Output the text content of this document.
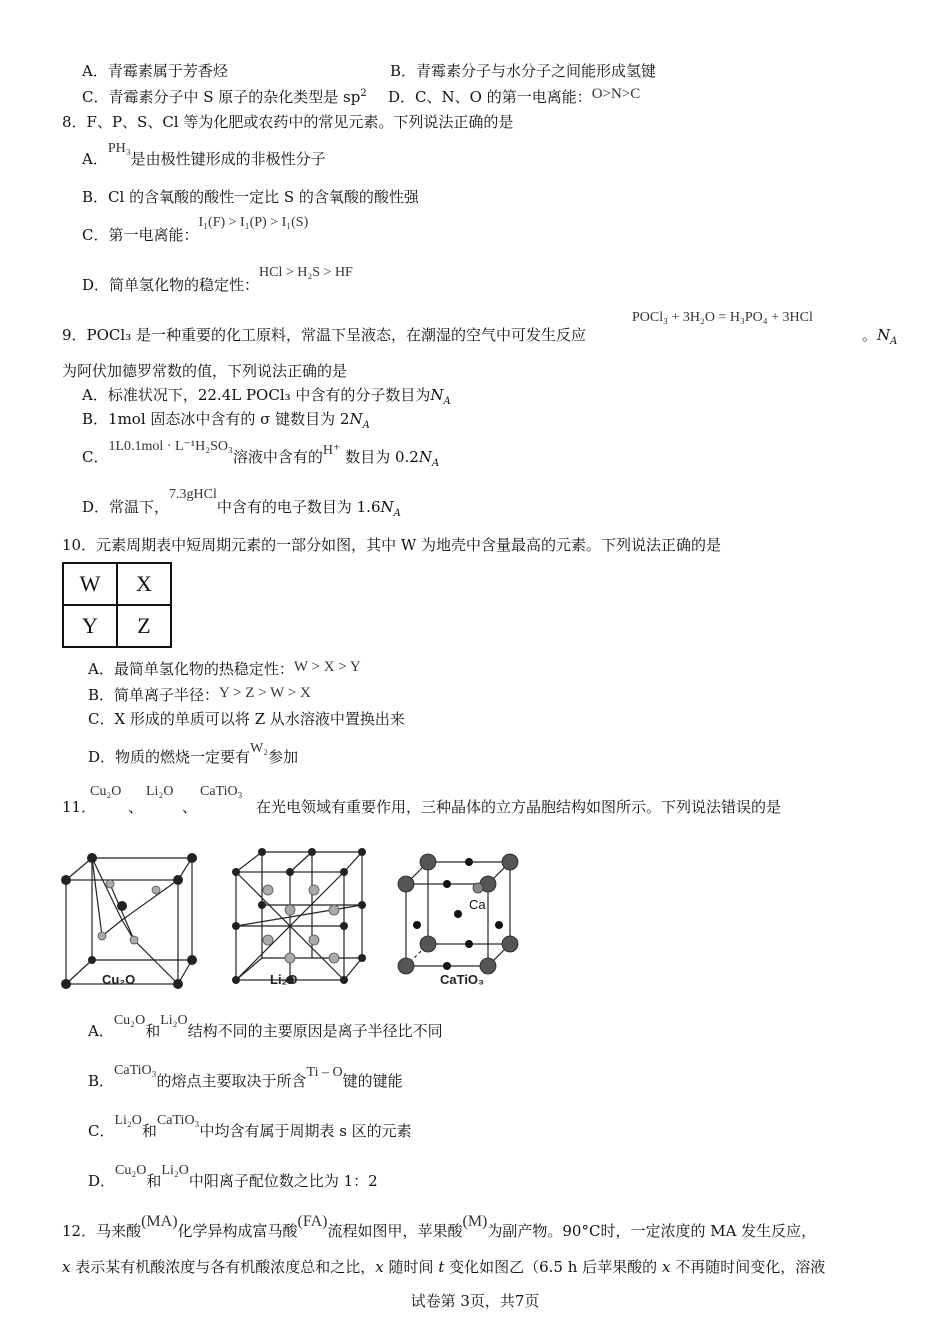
A．青霉素属于芳香烃	B．青霉素分子与水分子之间能形成氢键
C．青霉素分子中 S 原子的杂化类型是 $sp^2$ D．C、N、O 的第一电离能：O>N>C
8．F、P、S、Cl 等为化肥或农药中的常见元素。下列说法正确的是
A．PH₃是由极性键形成的非极性分子
B．Cl 的含氧酸的酸性一定比 S 的含氧酸的酸性强
C．第一电离能：I₁(F) > I₁(P) > I₁(S)
D．简单氢化物的稳定性：HCl > H₂S > HF
9．POCl₃ 是一种重要的化工原料，常温下呈液态，在潮湿的空气中可发生反应
POCl₃ + 3H₂O = H₃PO₄ + 3HCl
。$N_A$
为阿伏加德罗常数的值，下列说法正确的是
A．标准状况下，22.4L POCl₃ 中含有的分子数目为$N_A$
B．1mol 固态冰中含有的 σ 键数目为 $2N_A$
C．1L0.1mol · L⁻¹H₂SO₃溶液中含有的H⁺ 数目为 $0.2N_A$
D．常温下，7.3gHCl中含有的电子数目为 $1.6N_A$
10．元素周期表中短周期元素的一部分如图，其中 W 为地壳中含量最高的元素。下列说法正确的是
W	X
Y	Z
A．最简单氢化物的热稳定性：W > X > Y
B．简单离子半径：Y > Z > W > X
C．X 形成的单质可以将 Z 从水溶液中置换出来
D．物质的燃烧一定要有W₂参加
11．
Cu₂O
、
Li₂O
、
CaTiO₃
在光电领域有重要作用，三种晶体的立方晶胞结构如图所示。下列说法错误的是
Ca
Cu₂O	Li₂O	CaTiO₃
A．Cu₂O和Li₂O结构不同的主要原因是离子半径比不同
B．CaTiO₃的熔点主要取决于所含Ti – O键的键能
C．Li₂O和CaTiO₃中均含有属于周期表 s 区的元素
D．Cu₂O和Li₂O中阳离子配位数之比为 1：2
12．马来酸(MA)化学异构成富马酸(FA)流程如图甲，苹果酸(M)为副产物。90°C时，一定浓度的 MA 发生反应，
x 表示某有机酸浓度与各有机酸浓度总和之比，x 随时间 t 变化如图乙（6.5 h 后苹果酸的 x 不再随时间变化，溶液
试卷第 3页，共7页
